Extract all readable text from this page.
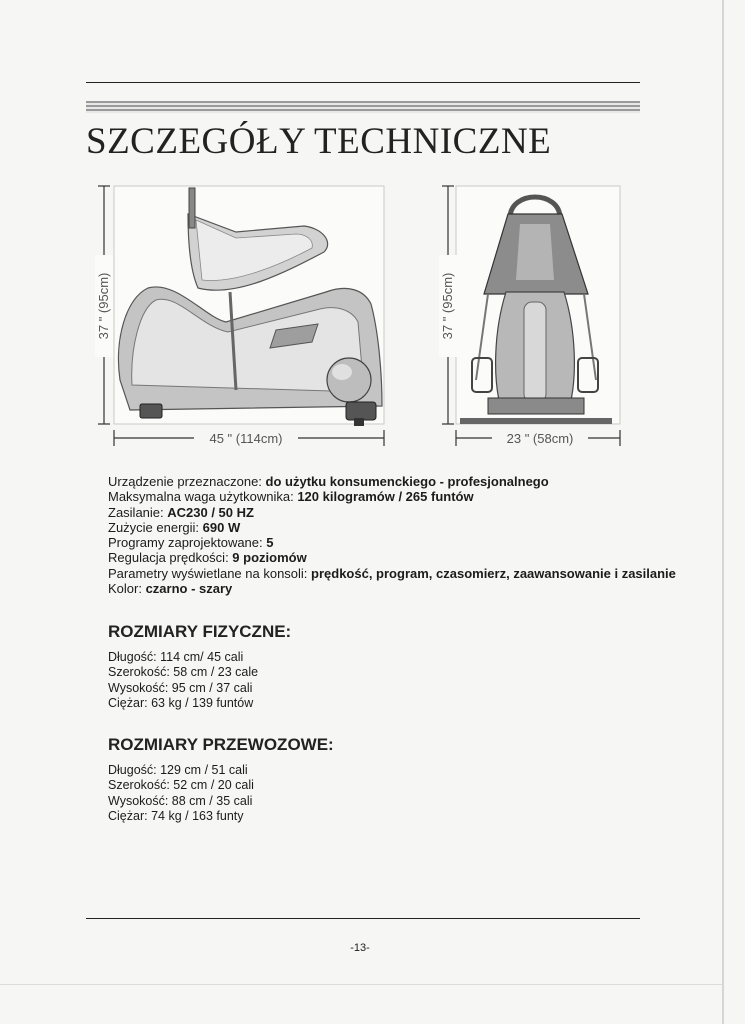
SZCZEGÓŁY TECHNICZNE
37 " (95cm)
45 " (114cm)
37 " (95cm)
23 " (58cm)
Urządzenie przeznaczone: do użytku konsumenckiego - profesjonalnego
Maksymalna waga użytkownika: 120 kilogramów / 265 funtów
Zasilanie: AC230 / 50 HZ
Zużycie energii: 690 W
Programy zaprojektowane: 5
Regulacja prędkości: 9 poziomów
Parametry wyświetlane na konsoli: prędkość, program, czasomierz, zaawansowanie i zasilanie
Kolor: czarno - szary
ROZMIARY FIZYCZNE:
Długość: 114 cm/ 45 cali
Szerokość: 58 cm / 23 cale
Wysokość: 95 cm / 37 cali
Ciężar: 63 kg / 139 funtów
ROZMIARY PRZEWOZOWE:
Długość: 129 cm / 51 cali
Szerokość: 52 cm / 20 cali
Wysokość: 88 cm / 35 cali
Ciężar: 74 kg / 163 funty
-13-
